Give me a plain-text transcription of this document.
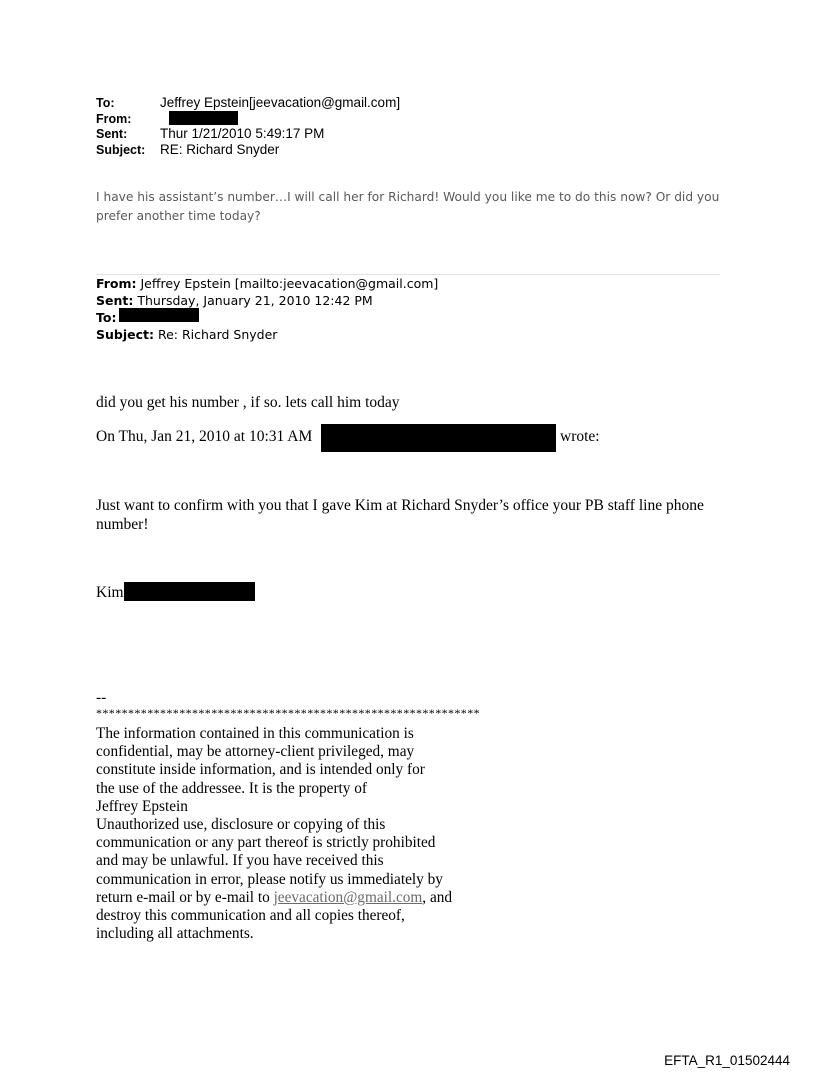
To:	Jeffrey Epstein[jeevacation@gmail.com]
From:
Sent: Thur 1/21/2010 5:49:17 PM
Subject: RE: Richard Snyder
I have his assistant’s number…I will call her for Richard! Would you like me to do this now? Or did you
prefer another time today?
From: Jeffrey Epstein [mailto:jeevacation@gmail.com]
Sent: Thursday, January 21, 2010 12:42 PM
To:
Subject: Re: Richard Snyder
did you get his number , if so. lets call him today
On Thu, Jan 21, 2010 at 10:31 AM	wrote:
Just want to confirm with you that I gave Kim at Richard Snyder’s office your PB staff line phone
number!
Kim
--
************************************************************
The information contained in this communication is
confidential, may be attorney-client privileged, may
constitute inside information, and is intended only for
the use of the addressee. It is the property of
Jeffrey Epstein
Unauthorized use, disclosure or copying of this
communication or any part thereof is strictly prohibited
and may be unlawful. If you have received this
communication in error, please notify us immediately by
return e-mail or by e-mail to jeevacation@gmail.com, and
destroy this communication and all copies thereof,
including all attachments.
EFTA_R1_01502444
